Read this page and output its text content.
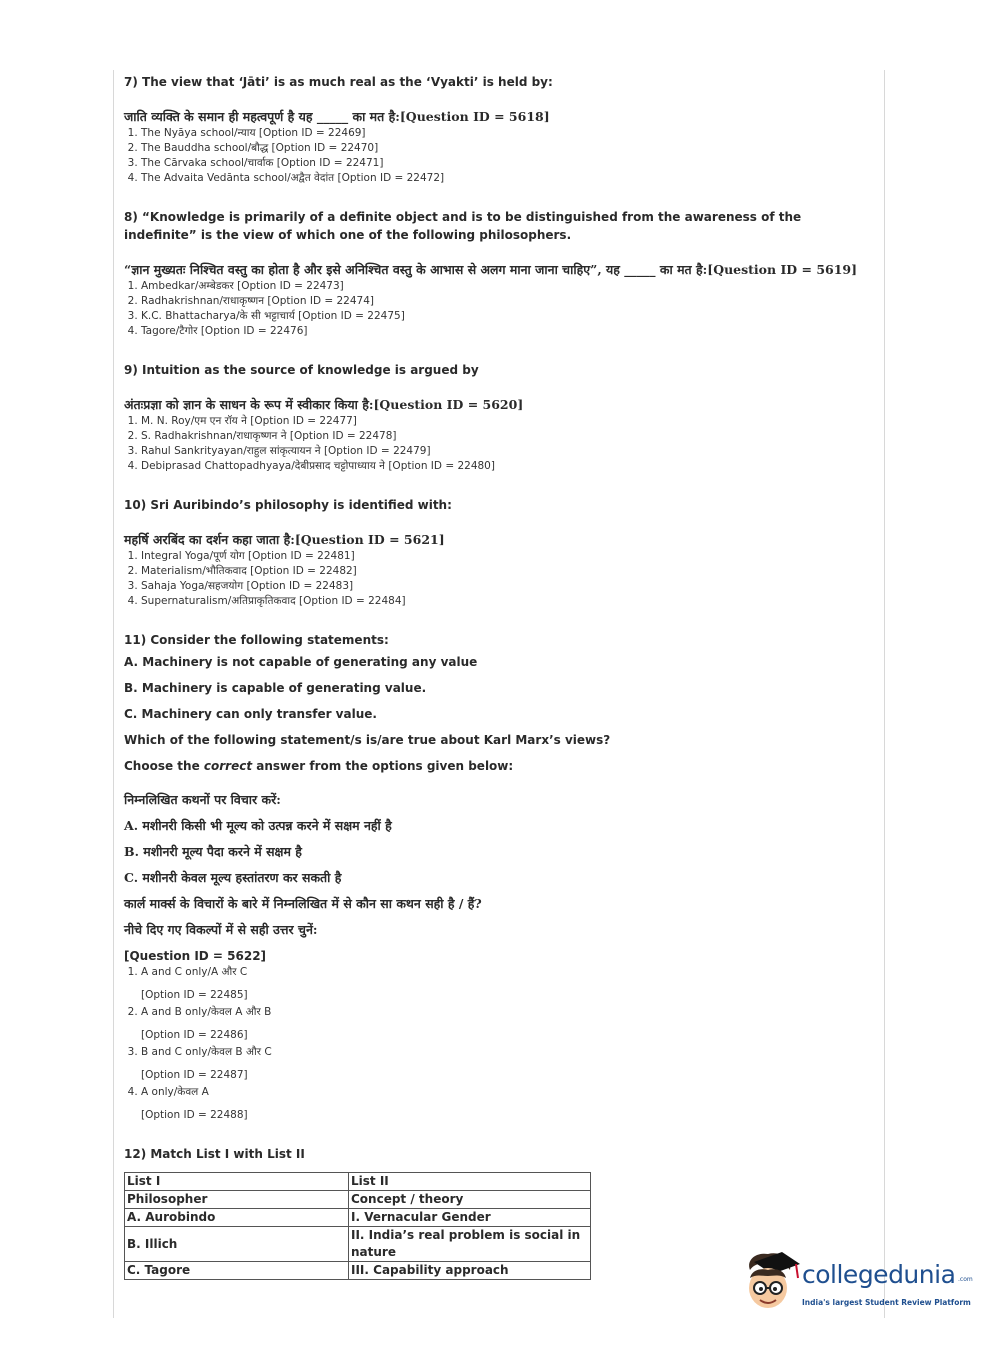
7) The view that ‘Jāti’ is as much real as the ‘Vyakti’ is held by:
जाति व्यक्ति के समान ही महत्वपूर्ण है यह _____ का मत है:[Question ID = 5618]
1. The Nyāya school/न्याय [Option ID = 22469]
2. The Bauddha school/बौद्ध [Option ID = 22470]
3. The Cārvaka school/चार्वाक [Option ID = 22471]
4. The Advaita Vedānta school/अद्वैत वेदांत [Option ID = 22472]
8) “Knowledge is primarily of a definite object and is to be distinguished from the awareness of the indefinite” is the view of which one of the following philosophers.
“ज्ञान मुख्यतः निश्चित वस्तु का होता है और इसे अनिश्चित वस्तु के आभास से अलग माना जाना चाहिए”, यह _____ का मत है:[Question ID = 5619]
1. Ambedkar/अम्बेडकर [Option ID = 22473]
2. Radhakrishnan/राधाकृष्णन [Option ID = 22474]
3. K.C. Bhattacharya/के सी भट्टाचार्य [Option ID = 22475]
4. Tagore/टैगोर [Option ID = 22476]
9) Intuition as the source of knowledge is argued by
अंतःप्रज्ञा को ज्ञान के साधन के रूप में स्वीकार किया है:[Question ID = 5620]
1. M. N. Roy/एम एन रॉय ने [Option ID = 22477]
2. S. Radhakrishnan/राधाकृष्णन ने [Option ID = 22478]
3. Rahul Sankrityayan/राहुल सांकृत्यायन ने [Option ID = 22479]
4. Debiprasad Chattopadhyaya/देबीप्रसाद चट्टोपाध्याय ने [Option ID = 22480]
10) Sri Auribindo’s philosophy is identified with:
महर्षि अरबिंद का दर्शन कहा जाता है:[Question ID = 5621]
1. Integral Yoga/पूर्ण योग [Option ID = 22481]
2. Materialism/भौतिकवाद [Option ID = 22482]
3. Sahaja Yoga/सहजयोग [Option ID = 22483]
4. Supernaturalism/अतिप्राकृतिकवाद [Option ID = 22484]
11) Consider the following statements:
A. Machinery is not capable of generating any value
B. Machinery is capable of generating value.
C. Machinery can only transfer value.
Which of the following statement/s is/are true about Karl Marx’s views?
Choose the correct answer from the options given below:
निम्नलिखित कथनों पर विचार करें:
A. मशीनरी किसी भी मूल्य को उत्पन्न करने में सक्षम नहीं है
B. मशीनरी मूल्य पैदा करने में सक्षम है
C. मशीनरी केवल मूल्य हस्तांतरण कर सकती है
कार्ल मार्क्स के विचारों के बारे में निम्नलिखित में से कौन सा कथन सही है / हैं?
नीचे दिए गए विकल्पों में से सही उत्तर चुनें:
[Question ID = 5622]
1. A and C only/A और C
[Option ID = 22485]
2. A and B only/केवल A और B
[Option ID = 22486]
3. B and C only/केवल B और C
[Option ID = 22487]
4. A only/केवल A
[Option ID = 22488]
12) Match List I with List II
List I	List II
Philosopher	Concept / theory
A. Aurobindo	I. Vernacular Gender
B. Illich	II. India’s real problem is social in nature
C. Tagore	III. Capability approach	collegedunia .com
India's largest Student Review Platform
